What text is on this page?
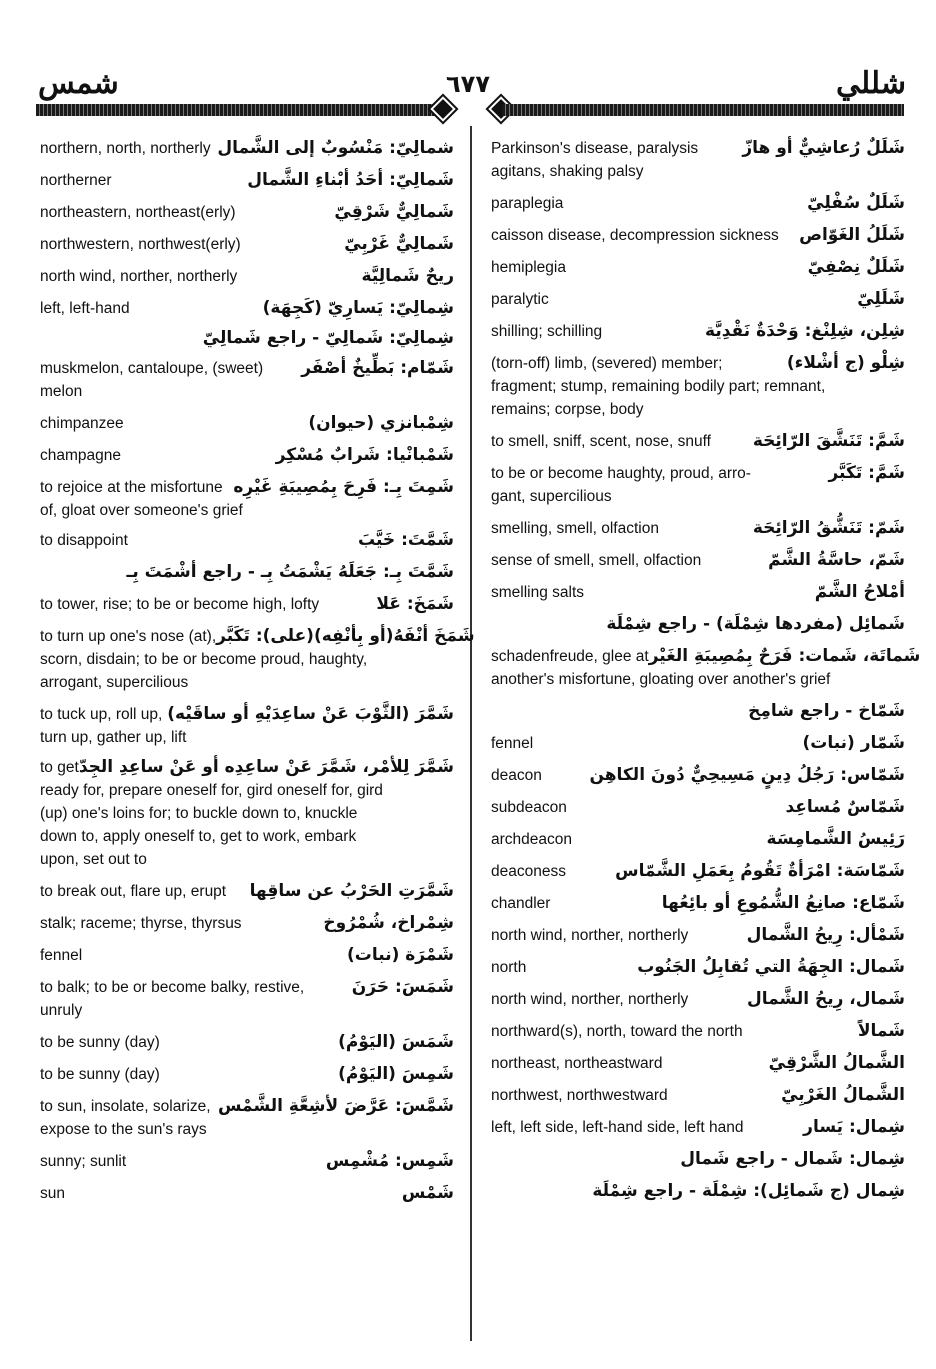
شمس	٦٧٧	شللي
northern, north, northerly شمالِيّ: مَنْسُوبٌ إلى الشَّمال
northerner	شَمالِيّ: أحَدُ أبْناءِ الشَّمال
northeastern, northeast(erly)	شَمالِيٌّ شَرْقِيّ
northwestern, northwest(erly)	شَمالِيٌّ غَرْبِيّ
north wind, norther, northerly	ريحٌ شَمالِيَّة
left, left-hand	شِمالِيّ: يَسارِيّ (كَجِهَة)
شِمالِيّ: شَمالِيّ - راجع شَمالِيّ
muskmelon, cantaloupe, (sweet) شَمّام: بَطِّيخٌ أصْفَر
melon
chimpanzee	شِمْبانزي (حيوان)
champagne	شَمْبانْيا: شَرابٌ مُسْكِر
to rejoice at the misfortune شَمِتَ بِـ: فَرِحَ بِمُصِيبَةِ غَيْرِه
of, gloat over someone's grief
to disappoint	شَمَّتَ: خَيَّبَ
شَمَّتَ بِـ: جَعَلَهُ يَشْمَتُ بِـ - راجع أشْمَتَ بِـ
to tower, rise; to be or become high, lofty	شَمَخَ: عَلا
to turn up one's nose (at), شَمَخَ أنْفَهُ(أو بِأنْفِه)(على): تَكَبَّر
scorn, disdain; to be or become proud, haughty,
arrogant, supercilious
to tuck up, roll up, شَمَّرَ (الثَّوْبَ عَنْ ساعِدَيْهِ أو ساقَيْه)
turn up, gather up, lift
to get شَمَّرَ لِلأمْر، شَمَّرَ عَنْ ساعِدِه أو عَنْ ساعِدِ الجِدّ
ready for, prepare oneself for, gird oneself for, gird
(up) one's loins for; to buckle down to, knuckle
down to, apply oneself to, get to work, embark
upon, set out to
to break out, flare up, erupt شَمَّرَتِ الحَرْبُ عن ساقِها
stalk; raceme; thyrse, thyrsus	شِمْراخ، شُمْرُوخ
fennel	شَمْرَة (نبات)
to balk; to be or become balky, restive,	شَمَسَ: حَرَنَ
unruly
to be sunny (day)	شَمَسَ (اليَوْمُ)
to be sunny (day)	شَمِسَ (اليَوْمُ)
to sun, insolate, solarize, شَمَّسَ: عَرَّضَ لأشِعَّةِ الشَّمْس
expose to the sun's rays
sunny; sunlit	شَمِس: مُشْمِس
sun	شَمْس
Parkinson's disease, paralysis	شَلَلٌ رُعاشِيٌّ أو هازّ
agitans, shaking palsy
paraplegia	شَلَلٌ سُفْلِيّ
caisson disease, decompression sickness شَلَلُ الغَوّاص
hemiplegia	شَلَلٌ نِصْفِيّ
paralytic	شَلَلِيّ
shilling; schilling	شِلِن، شِلِنْغ: وَحْدَةٌ نَقْدِيَّة
(torn-off) limb, (severed) member;	شِلْو (ج أشْلاء)
fragment; stump, remaining bodily part; remnant,
remains; corpse, body
to smell, sniff, scent, nose, snuff شَمَّ: تَنَشَّقَ الرّائِحَة
to be or become haughty, proud, arro-	شَمَّ: تَكَبَّر
gant, supercilious
smelling, smell, olfaction	شَمّ: تَنَشُّقُ الرّائِحَة
sense of smell, smell, olfaction	شَمّ، حاسَّةُ الشَّمّ
smelling salts	أمْلاحُ الشَّمّ
شَمائِل (مفردها شِمْلَة) - راجع شِمْلَة
schadenfreude, glee at شَماتَة، شَمات: فَرَحٌ بِمُصِيبَةِ الغَيْر
another's misfortune, gloating over another's grief
شَمّاخ - راجع شامِخ
fennel	شَمّار (نبات)
deacon	شَمّاس: رَجُلُ دِينٍ مَسِيحِيٌّ دُونَ الكاهِن
subdeacon	شَمّاسٌ مُساعِد
archdeacon	رَئِيسُ الشَّمامِسَة
deaconess	شَمّاسَة: امْرَأةٌ تَقُومُ بِعَمَلِ الشَّمّاس
chandler	شَمّاع: صانِعُ الشُّمُوعِ أو بائِعُها
north wind, norther, northerly	شَمْأل: رِيحُ الشَّمال
north	شَمال: الجِهَةُ التي تُقابِلُ الجَنُوب
north wind, norther, northerly	شَمال، رِيحُ الشَّمال
northward(s), north, toward the north	شَمالاً
northeast, northeastward	الشَّمالُ الشَّرْقِيّ
northwest, northwestward	الشَّمالُ الغَرْبِيّ
left, left side, left-hand side, left hand	شِمال: يَسار
شِمال: شَمال - راجع شَمال
شِمال (ج شَمائِل): شِمْلَة - راجع شِمْلَة
